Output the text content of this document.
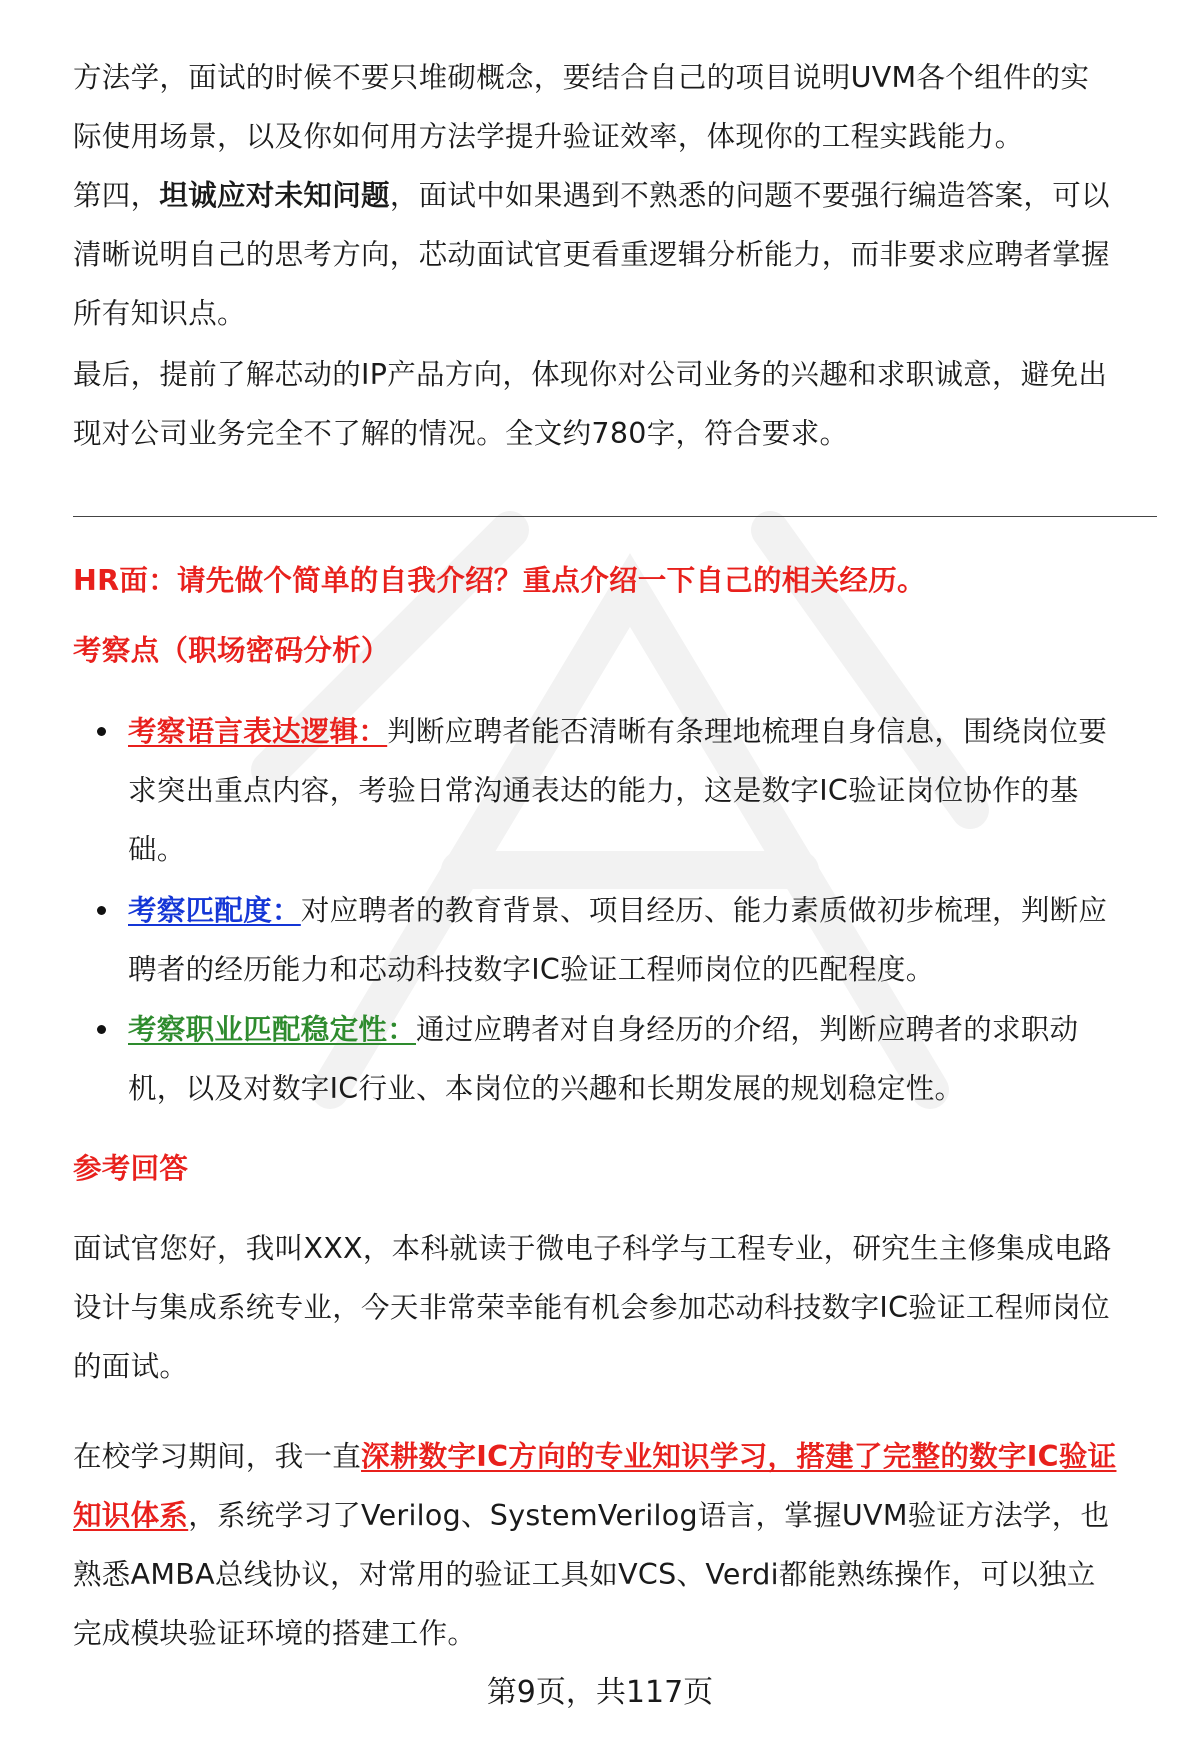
方法学，面试的时候不要只堆砌概念，要结合自己的项目说明UVM各个组件的实
际使用场景，以及你如何用方法学提升验证效率，体现你的工程实践能力。
第四，坦诚应对未知问题，面试中如果遇到不熟悉的问题不要强行编造答案，可以
清晰说明自己的思考方向，芯动面试官更看重逻辑分析能力，而非要求应聘者掌握
所有知识点。
最后，提前了解芯动的IP产品方向，体现你对公司业务的兴趣和求职诚意，避免出
现对公司业务完全不了解的情况。全文约780字，符合要求。
HR面：请先做个简单的自我介绍？重点介绍一下自己的相关经历。
考察点（职场密码分析）
考察语言表达逻辑：判断应聘者能否清晰有条理地梳理自身信息，围绕岗位要
求突出重点内容，考验日常沟通表达的能力，这是数字IC验证岗位协作的基
础。
考察匹配度：对应聘者的教育背景、项目经历、能力素质做初步梳理，判断应
聘者的经历能力和芯动科技数字IC验证工程师岗位的匹配程度。
考察职业匹配稳定性：通过应聘者对自身经历的介绍，判断应聘者的求职动
机，以及对数字IC行业、本岗位的兴趣和长期发展的规划稳定性。
参考回答
面试官您好，我叫XXX，本科就读于微电子科学与工程专业，研究生主修集成电路
设计与集成系统专业，今天非常荣幸能有机会参加芯动科技数字IC验证工程师岗位
的面试。
在校学习期间，我一直深耕数字IC方向的专业知识学习，搭建了完整的数字IC验证
知识体系，系统学习了Verilog、SystemVerilog语言，掌握UVM验证方法学，也
熟悉AMBA总线协议，对常用的验证工具如VCS、Verdi都能熟练操作，可以独立
完成模块验证环境的搭建工作。
第9页，共117页
